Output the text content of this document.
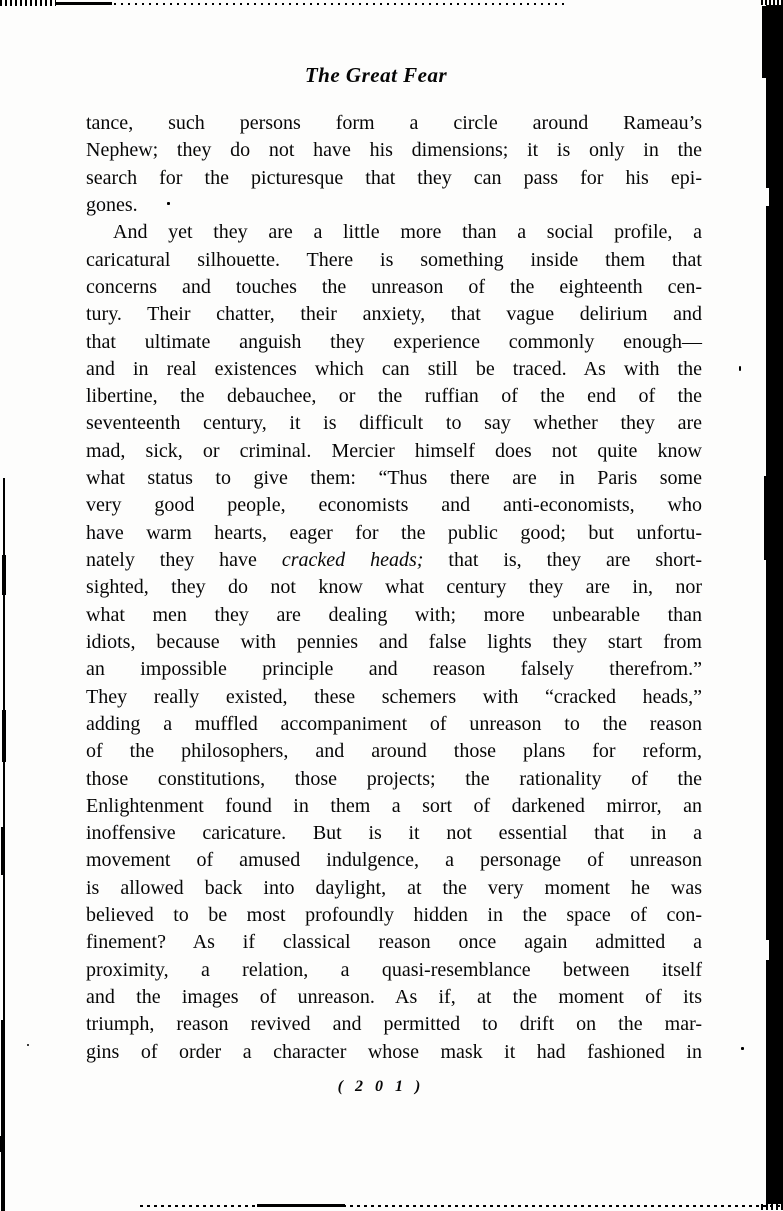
The Great Fear
tance, such persons form a circle around Rameau’s
Nephew; they do not have his dimensions; it is only in the
search for the picturesque that they can pass for his epi-
gones.
And yet they are a little more than a social profile, a
caricatural silhouette. There is something inside them that
concerns and touches the unreason of the eighteenth cen-
tury. Their chatter, their anxiety, that vague delirium and
that ultimate anguish they experience commonly enough—
and in real existences which can still be traced. As with the
libertine, the debauchee, or the ruffian of the end of the
seventeenth century, it is difficult to say whether they are
mad, sick, or criminal. Mercier himself does not quite know
what status to give them: “Thus there are in Paris some
very good people, economists and anti-economists, who
have warm hearts, eager for the public good; but unfortu-
nately they have cracked heads; that is, they are short-
sighted, they do not know what century they are in, nor
what men they are dealing with; more unbearable than
idiots, because with pennies and false lights they start from
an impossible principle and reason falsely therefrom.”
They really existed, these schemers with “cracked heads,”
adding a muffled accompaniment of unreason to the reason
of the philosophers, and around those plans for reform,
those constitutions, those projects; the rationality of the
Enlightenment found in them a sort of darkened mirror, an
inoffensive caricature. But is it not essential that in a
movement of amused indulgence, a personage of unreason
is allowed back into daylight, at the very moment he was
believed to be most profoundly hidden in the space of con-
finement? As if classical reason once again admitted a
proximity, a relation, a quasi-resemblance between itself
and the images of unreason. As if, at the moment of its
triumph, reason revived and permitted to drift on the mar-
gins of order a character whose mask it had fashioned in
( 2 0 1 )
